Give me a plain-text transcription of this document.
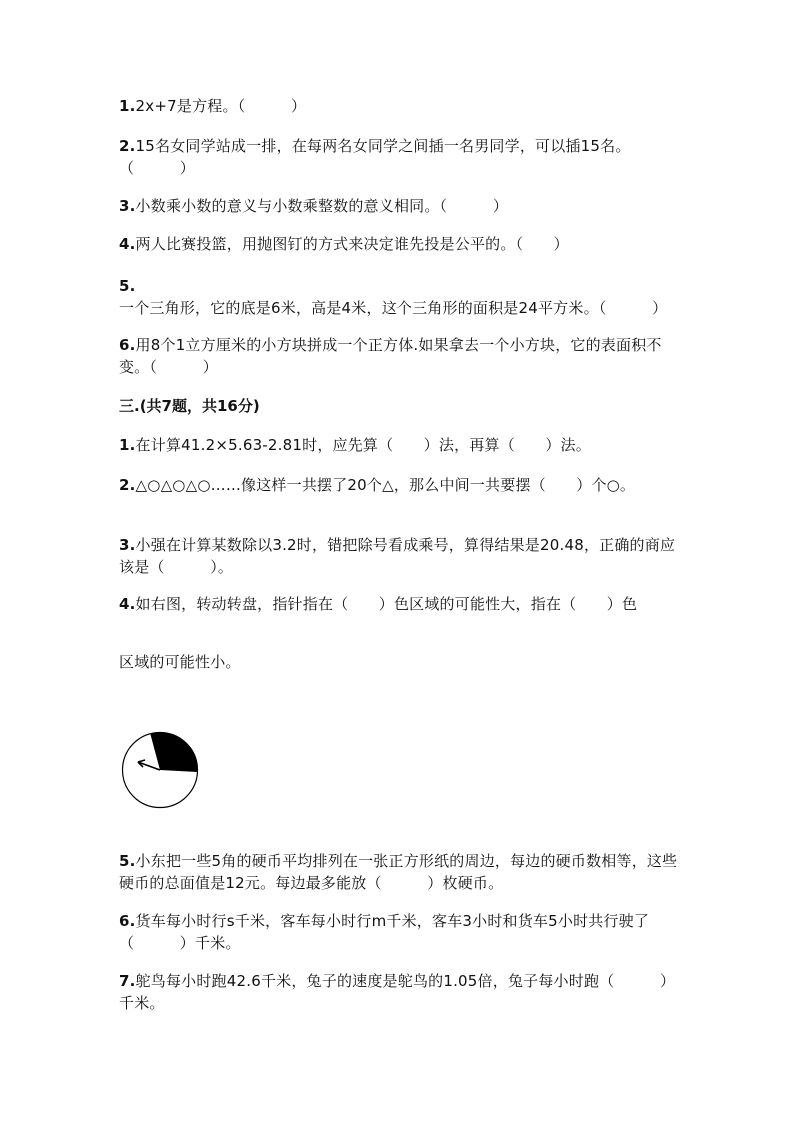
1.2x+7是方程。（　　　）
2.15名女同学站成一排，在每两名女同学之间插一名男同学，可以插15名。（　　　）
3.小数乘小数的意义与小数乘整数的意义相同。（　　　）
4.两人比赛投篮，用抛图钉的方式来决定谁先投是公平的。（　　）
5.一个三角形，它的底是6米，高是4米，这个三角形的面积是24平方米。（　　　）
6.用8个1立方厘米的小方块拼成一个正方体.如果拿去一个小方块，它的表面积不变。（　　　）
三.(共7题，共16分)
1.在计算41.2×5.63-2.81时，应先算（　　）法，再算（　　）法。
2.△○△○△○……像这样一共摆了20个△，那么中间一共要摆（　　）个○。
3.小强在计算某数除以3.2时，错把除号看成乘号，算得结果是20.48，正确的商应该是（　　　）。
4.如右图，转动转盘，指针指在（　　）色区域的可能性大，指在（　　）色
区域的可能性小。
5.小东把一些5角的硬币平均排列在一张正方形纸的周边，每边的硬币数相等，这些硬币的总面值是12元。每边最多能放（　　　）枚硬币。
6.货车每小时行s千米，客车每小时行m千米，客车3小时和货车5小时共行驶了（　　　）千米。
7.鸵鸟每小时跑42.6千米，兔子的速度是鸵鸟的1.05倍，兔子每小时跑（　　　）千米。
